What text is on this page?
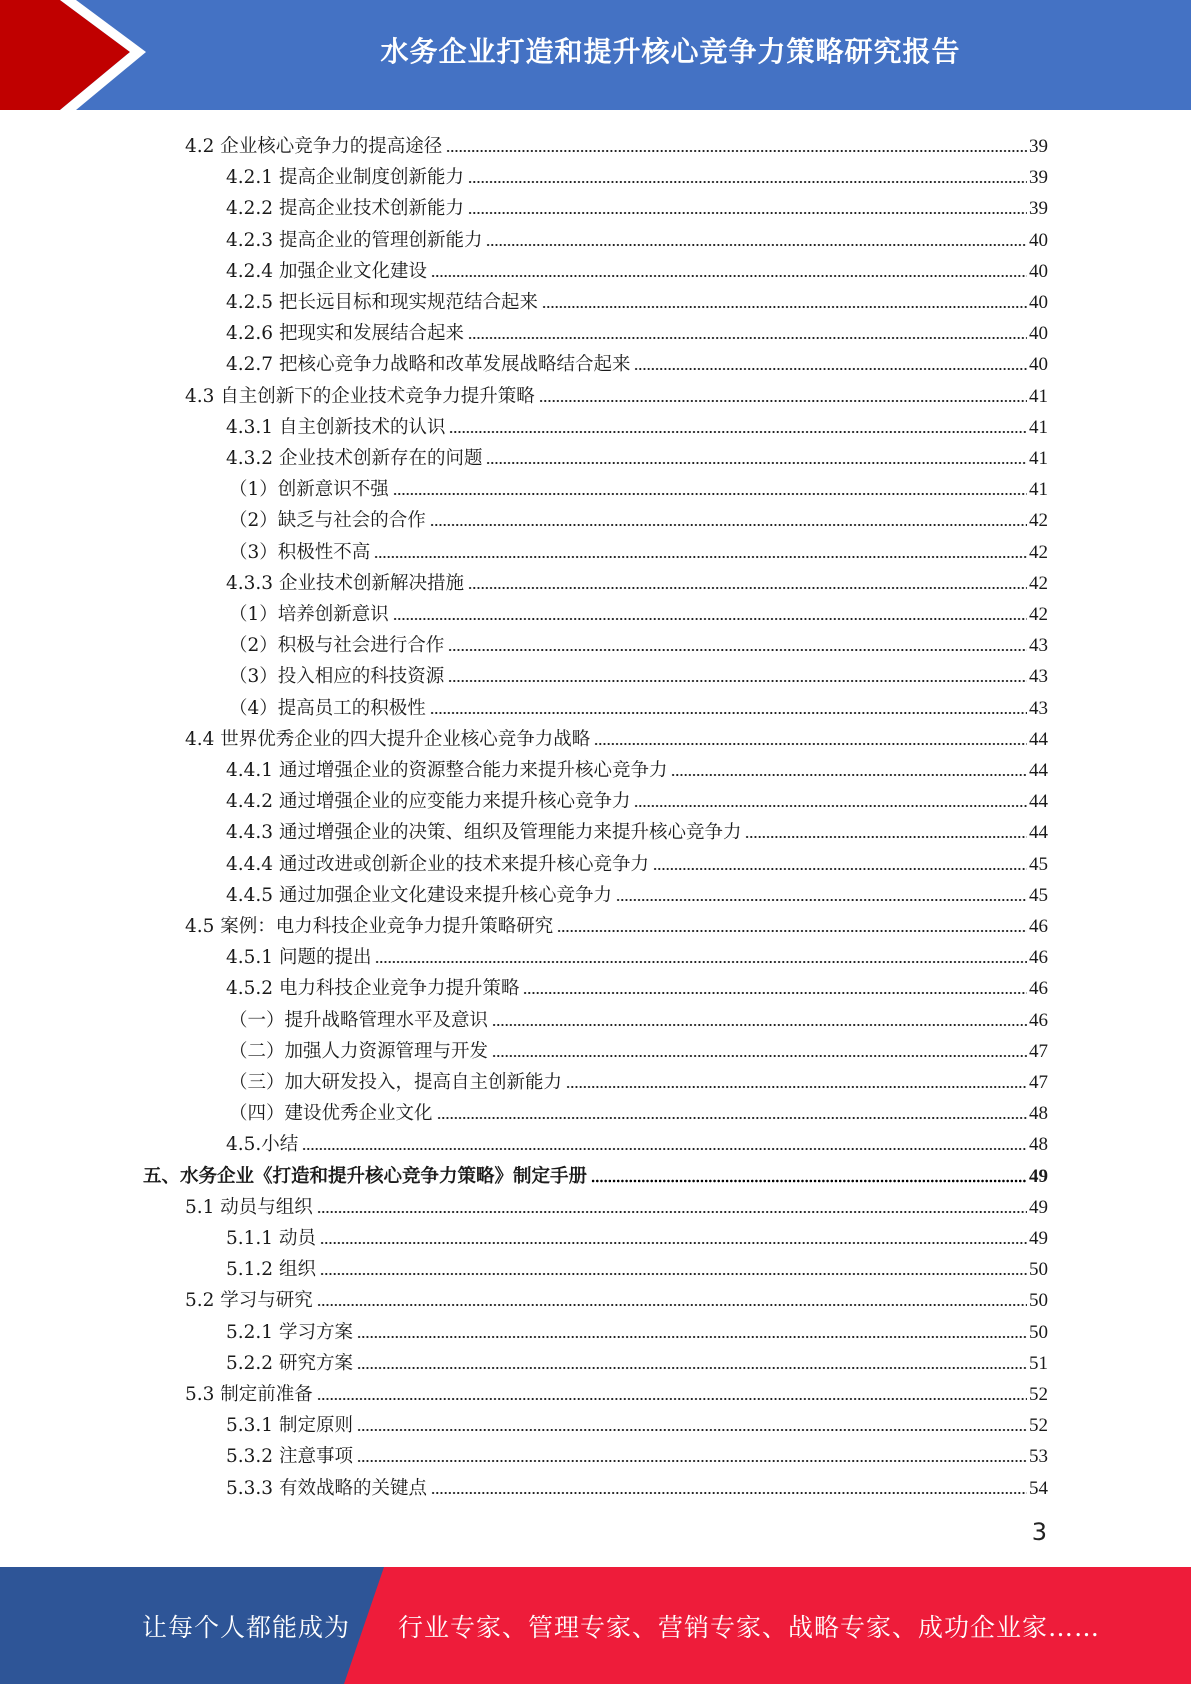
水务企业打造和提升核心竞争力策略研究报告
4.2 企业核心竞争力的提高途径	39
4.2.1 提高企业制度创新能力	39
4.2.2 提高企业技术创新能力	39
4.2.3 提高企业的管理创新能力	40
4.2.4 加强企业文化建设	40
4.2.5 把长远目标和现实规范结合起来	40
4.2.6 把现实和发展结合起来	40
4.2.7 把核心竞争力战略和改革发展战略结合起来	40
4.3 自主创新下的企业技术竞争力提升策略	41
4.3.1 自主创新技术的认识	41
4.3.2 企业技术创新存在的问题	41
（1）创新意识不强	41
（2）缺乏与社会的合作	42
（3）积极性不高	42
4.3.3 企业技术创新解决措施	42
（1）培养创新意识	42
（2）积极与社会进行合作	43
（3）投入相应的科技资源	43
（4）提高员工的积极性	43
4.4 世界优秀企业的四大提升企业核心竞争力战略	44
4.4.1 通过增强企业的资源整合能力来提升核心竞争力	44
4.4.2 通过增强企业的应变能力来提升核心竞争力	44
4.4.3 通过增强企业的决策、组织及管理能力来提升核心竞争力	44
4.4.4 通过改进或创新企业的技术来提升核心竞争力	45
4.4.5 通过加强企业文化建设来提升核心竞争力	45
4.5 案例：电力科技企业竞争力提升策略研究	46
4.5.1 问题的提出	46
4.5.2 电力科技企业竞争力提升策略	46
（一）提升战略管理水平及意识	46
（二）加强人力资源管理与开发	47
（三）加大研发投入，提高自主创新能力	47
（四）建设优秀企业文化	48
4.5.小结	48
五、水务企业《打造和提升核心竞争力策略》制定手册	49
5.1 动员与组织	49
5.1.1 动员	49
5.1.2 组织	50
5.2 学习与研究	50
5.2.1 学习方案	50
5.2.2 研究方案	51
5.3 制定前准备	52
5.3.1 制定原则	52
5.3.2 注意事项	53
5.3.3 有效战略的关键点	54
3
让每个人都能成为 行业专家、管理专家、营销专家、战略专家、成功企业家……
